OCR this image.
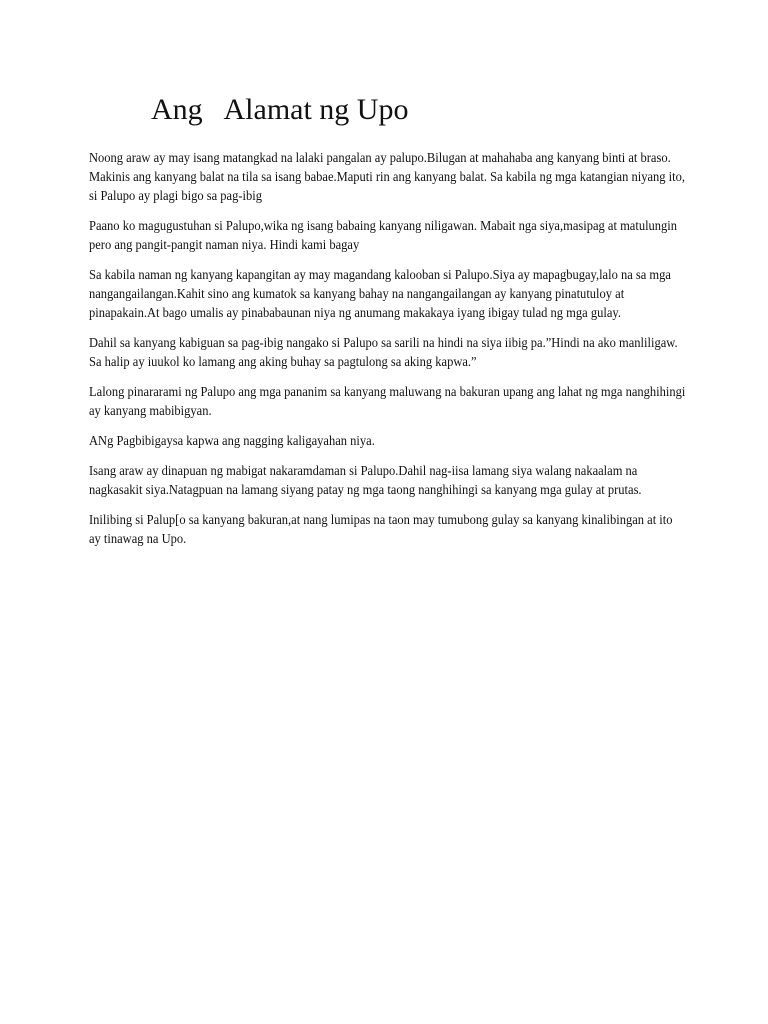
Ang   Alamat ng Upo

Noong araw ay may isang matangkad na lalaki pangalan ay palupo.Bilugan at mahahaba ang kanyang binti at braso. Makinis ang kanyang balat na tila sa isang babae.Maputi rin ang kanyang balat. Sa kabila ng mga katangian niyang ito, si Palupo ay plagi bigo sa pag-ibig

Paano ko magugustuhan si Palupo,wika ng isang babaing kanyang niligawan. Mabait nga siya,masipag at matulungin pero ang pangit-pangit naman niya. Hindi kami bagay

Sa kabila naman ng kanyang kapangitan ay may magandang kalooban si Palupo.Siya ay mapagbugay,lalo na sa mga nangangailangan.Kahit sino ang kumatok sa kanyang bahay na nangangailangan ay kanyang pinatutuloy at pinapakain.At bago umalis ay pinababaunan niya ng anumang makakaya iyang ibigay tulad ng mga gulay.

Dahil sa kanyang kabiguan sa pag-ibig nangako si Palupo sa sarili na hindi na siya iibig pa.”Hindi na ako manliligaw. Sa halip ay iuukol ko lamang ang aking buhay sa pagtulong sa aking kapwa.”

Lalong pinararami ng Palupo ang mga pananim sa kanyang maluwang na bakuran upang ang lahat ng mga nanghihingi ay kanyang mabibigyan.

ANg Pagbibigaysa kapwa ang nagging kaligayahan niya.

Isang araw ay dinapuan ng mabigat nakaramdaman si Palupo.Dahil nag-iisa lamang siya walang nakaalam na nagkasakit siya.Natagpuan na lamang siyang patay ng mga taong nanghihingi sa kanyang mga gulay at prutas.

Inilibing si Palup[o sa kanyang bakuran,at nang lumipas na taon may tumubong gulay sa kanyang kinalibingan at ito ay tinawag na Upo.
